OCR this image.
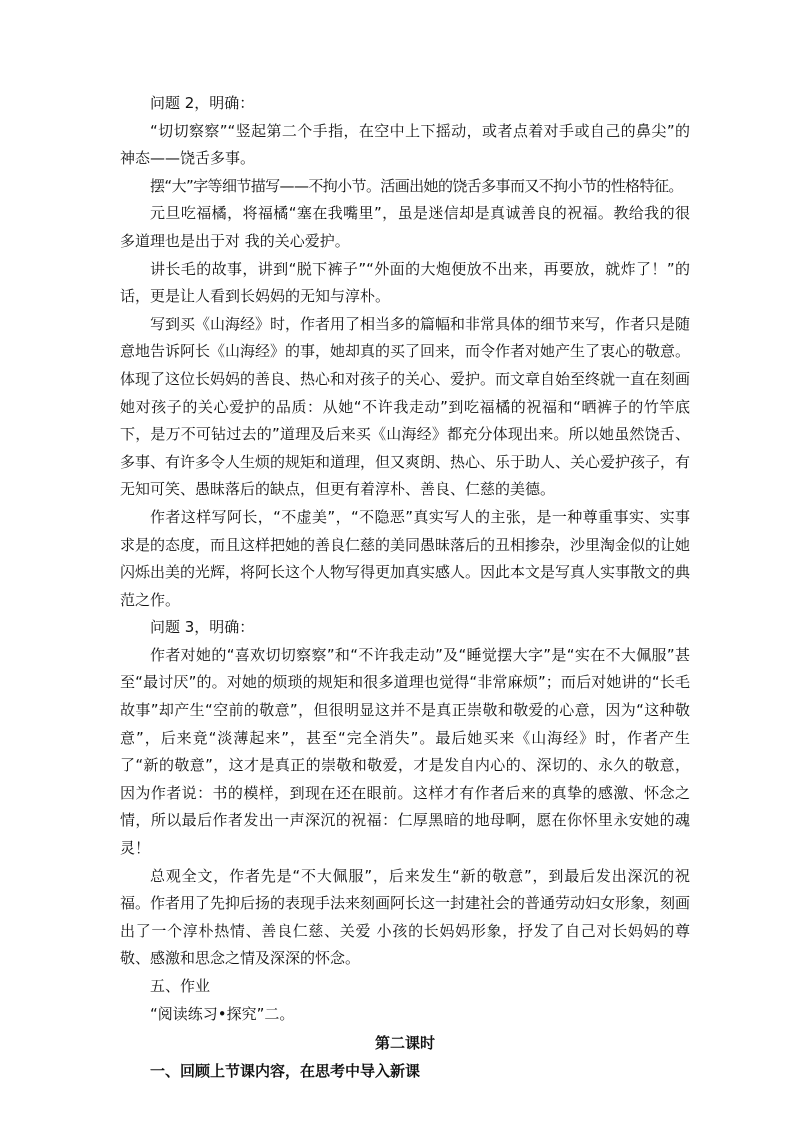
问题 2，明确：

“切切察察”“竖起第二个手指，在空中上下摇动，或者点着对手或自己的鼻尖”的神态——饶舌多事。

摆“大”字等细节描写——不拘小节。活画出她的饶舌多事而又不拘小节的性格特征。

元旦吃福橘，将福橘“塞在我嘴里”，虽是迷信却是真诚善良的祝福。教给我的很多道理也是出于对 我的关心爱护。

讲长毛的故事，讲到“脱下裤子”“外面的大炮便放不出来，再要放，就炸了！”的话，更是让人看到长妈妈的无知与淳朴。

写到买《山海经》时，作者用了相当多的篇幅和非常具体的细节来写，作者只是随意地告诉阿长《山海经》的事，她却真的买了回来，而令作者对她产生了衷心的敬意。体现了这位长妈妈的善良、热心和对孩子的关心、爱护。而文章自始至终就一直在刻画她对孩子的关心爱护的品质：从她“不许我走动”到吃福橘的祝福和“晒裤子的竹竿底下，是万不可钻过去的”道理及后来买《山海经》都充分体现出来。所以她虽然饶舌、多事、有许多令人生烦的规矩和道理，但又爽朗、热心、乐于助人、关心爱护孩子，有无知可笑、愚昧落后的缺点，但更有着淳朴、善良、仁慈的美德。

作者这样写阿长，“不虚美”，“不隐恶”真实写人的主张，是一种尊重事实、实事求是的态度，而且这样把她的善良仁慈的美同愚昧落后的丑相掺杂，沙里淘金似的让她闪烁出美的光辉，将阿长这个人物写得更加真实感人。因此本文是写真人实事散文的典范之作。

问题 3，明确：

作者对她的“喜欢切切察察”和“不许我走动”及“睡觉摆大字”是“实在不大佩服”甚至“最讨厌”的。对她的烦琐的规矩和很多道理也觉得“非常麻烦”；而后对她讲的“长毛故事”却产生“空前的敬意”，但很明显这并不是真正崇敬和敬爱的心意，因为“这种敬意”，后来竟“淡薄起来”，甚至“完全消失”。最后她买来《山海经》时，作者产生了“新的敬意”，这才是真正的崇敬和敬爱，才是发自内心的、深切的、永久的敬意，因为作者说：书的模样，到现在还在眼前。这样才有作者后来的真挚的感激、怀念之情，所以最后作者发出一声深沉的祝福：仁厚黑暗的地母啊，愿在你怀里永安她的魂灵！

总观全文，作者先是“不大佩服”，后来发生“新的敬意”，到最后发出深沉的祝福。作者用了先抑后扬的表现手法来刻画阿长这一封建社会的普通劳动妇女形象，刻画出了一个淳朴热情、善良仁慈、关爱 小孩的长妈妈形象，抒发了自己对长妈妈的尊敬、感激和思念之情及深深的怀念。

五、作业

“阅读练习•探究”二。

第二课时

一、回顾上节课内容，在思考中导入新课
